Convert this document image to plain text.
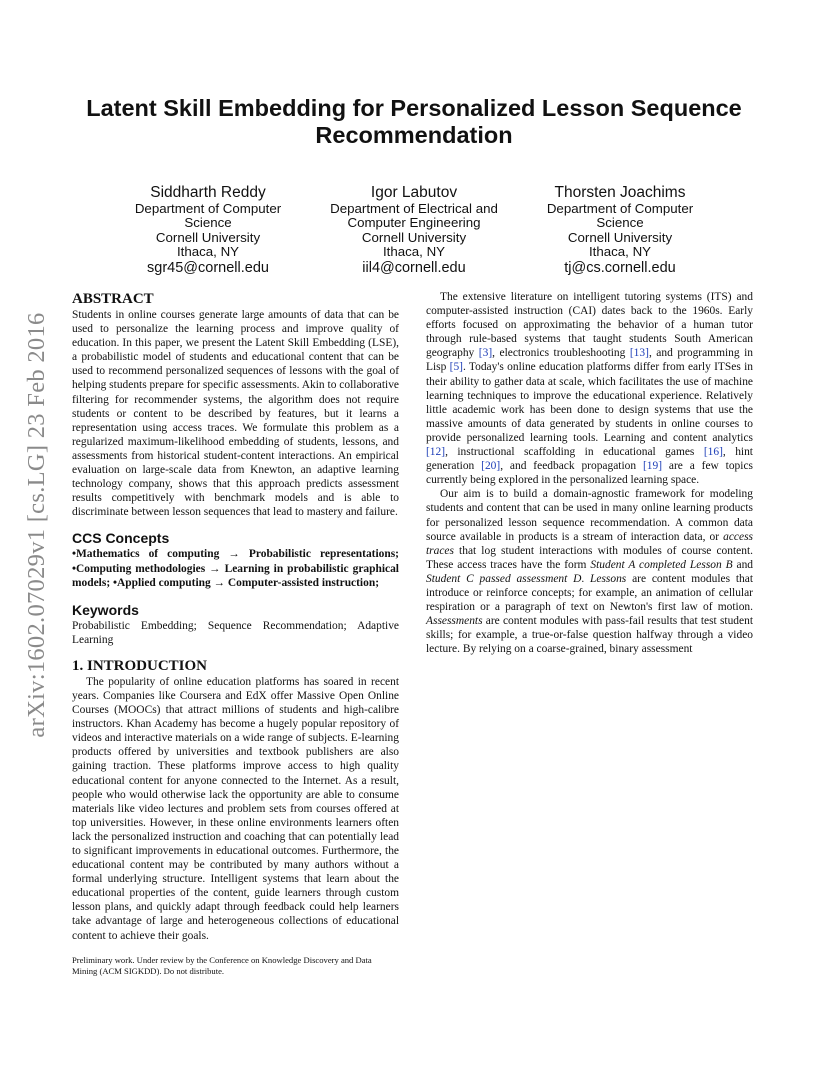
arXiv:1602.07029v1 [cs.LG] 23 Feb 2016
Latent Skill Embedding for Personalized Lesson Sequence Recommendation
Siddharth Reddy
Department of Computer
Science
Cornell University
Ithaca, NY
sgr45@cornell.edu
Igor Labutov
Department of Electrical and
Computer Engineering
Cornell University
Ithaca, NY
iil4@cornell.edu
Thorsten Joachims
Department of Computer
Science
Cornell University
Ithaca, NY
tj@cs.cornell.edu
ABSTRACT

Students in online courses generate large amounts of data that can be used to personalize the learning process and improve quality of education. In this paper, we present the Latent Skill Embedding (LSE), a probabilistic model of students and educational content that can be used to recommend personalized sequences of lessons with the goal of helping students prepare for specific assessments. Akin to collaborative filtering for recommender systems, the algorithm does not require students or content to be described by features, but it learns a representation using access traces. We formulate this problem as a regularized maximum-likelihood embedding of students, lessons, and assessments from historical student-content interactions. An empirical evaluation on large-scale data from Knewton, an adaptive learning technology company, shows that this approach predicts assessment results competitively with benchmark models and is able to discriminate between lesson sequences that lead to mastery and failure.

CCS Concepts

•Mathematics of computing → Probabilistic representations; •Computing methodologies → Learning in probabilistic graphical models; •Applied computing → Computer-assisted instruction;

Keywords

Probabilistic Embedding; Sequence Recommendation; Adaptive Learning

1. INTRODUCTION

The popularity of online education platforms has soared in recent years. Companies like Coursera and EdX offer Massive Open Online Courses (MOOCs) that attract millions of students and high-calibre instructors. Khan Academy has become a hugely popular repository of videos and interactive materials on a wide range of subjects. E-learning products offered by universities and textbook publishers are also gaining traction. These platforms improve access to high quality educational content for anyone connected to the Internet. As a result, people who would otherwise lack the opportunity are able to consume materials like video lectures and problem sets from courses offered at top universities. However, in these online environments learners often lack the personalized instruction and coaching that can potentially lead to significant improvements in educational outcomes. Furthermore, the educational content may be contributed by many authors without a formal underlying structure. Intelligent systems that learn about the educational properties of the content, guide learners through custom lesson plans, and quickly adapt through feedback could help learners take advantage of large and heterogeneous collections of educational content to achieve their goals.

The extensive literature on intelligent tutoring systems (ITS) and computer-assisted instruction (CAI) dates back to the 1960s. Early efforts focused on approximating the behavior of a human tutor through rule-based systems that taught students South American geography [3], electronics troubleshooting [13], and programming in Lisp [5]. Today's online education platforms differ from early ITSes in their ability to gather data at scale, which facilitates the use of machine learning techniques to improve the educational experience. Relatively little academic work has been done to design systems that use the massive amounts of data generated by students in online courses to provide personalized learning tools. Learning and content analytics [12], instructional scaffolding in educational games [16], hint generation [20], and feedback propagation [19] are a few topics currently being explored in the personalized learning space.

Our aim is to build a domain-agnostic framework for modeling students and content that can be used in many online learning products for personalized lesson sequence recommendation. A common data source available in products is a stream of interaction data, or access traces that log student interactions with modules of course content. These access traces have the form Student A completed Lesson B and Student C passed assessment D. Lessons are content modules that introduce or reinforce concepts; for example, an animation of cellular respiration or a paragraph of text on Newton's first law of motion. Assessments are content modules with pass-fail results that test student skills; for example, a true-or-false question halfway through a video lecture. By relying on a coarse-grained, binary assessment

Preliminary work. Under review by the Conference on Knowledge Discovery and Data Mining (ACM SIGKDD). Do not distribute.
